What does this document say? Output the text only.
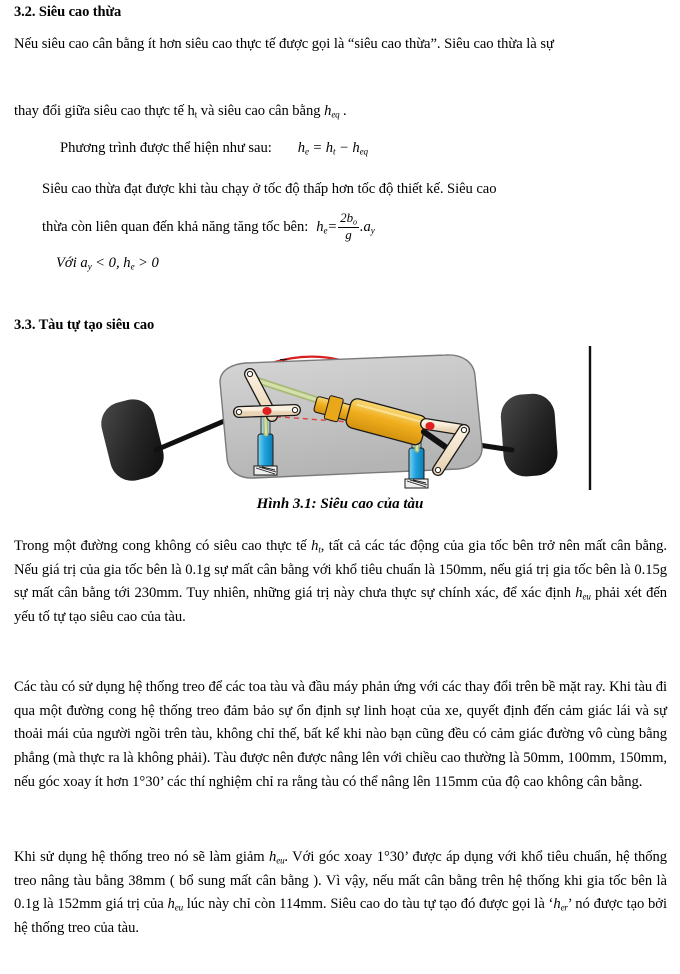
3.2. Siêu cao thừa

Nếu siêu cao cân bằng ít hơn siêu cao thực tế được gọi là “siêu cao thừa”. Siêu cao thừa là sự

thay đổi giữa siêu cao thực tế $h_t$ và siêu cao cân bằng $h_{eq}$ .

Phương trình được thể hiện như sau: $h_e = h_t - h_{eq}$

Siêu cao thừa đạt được khi tàu chạy ở tốc độ thấp hơn tốc độ thiết kế. Siêu cao

thừa còn liên quan đến khả năng tăng tốc bên: $h_e= \frac{2b_o}{g} .a_y$

Với $a_y < 0$, $h_e > 0$

3.3. Tàu tự tạo siêu cao
Hình 3.1: Siêu cao của tàu

Trong một đường cong không có siêu cao thực tế $h_t$, tất cả các tác động của gia tốc bên trở nên mất cân bằng. Nếu giá trị của gia tốc bên là 0.1g sự mất cân bằng với khổ tiêu chuẩn là 150mm, nếu giá trị gia tốc bên là 0.15g sự mất cân bằng tới 230mm. Tuy nhiên, những giá trị này chưa thực sự chính xác, để xác định $h_{eu}$ phải xét đến yếu tố tự tạo siêu cao của tàu.

Các tàu có sử dụng hệ thống treo để các toa tàu và đầu máy phản ứng với các thay đổi trên bề mặt ray. Khi tàu đi qua một đường cong hệ thống treo đảm bảo sự ổn định sự linh hoạt của xe, quyết định đến cảm giác lái và sự thoải mái của người ngồi trên tàu, không chỉ thế, bất kể khi nào bạn cũng đều có cảm giác đường vô cùng bằng phẳng (mà thực ra là không phải). Tàu được nên được nâng lên với chiều cao thường là 50mm, 100mm, 150mm, nếu góc xoay ít hơn 1°30’ các thí nghiệm chỉ ra rằng tàu có thể nâng lên 115mm của độ cao không cân bằng.

Khi sử dụng hệ thống treo nó sẽ làm giảm $h_{eu}$. Với góc xoay 1°30’ được áp dụng với khổ tiêu chuẩn, hệ thống treo nâng tàu bằng 38mm ( bổ sung mất cân bằng ). Vì vậy, nếu mất cân bằng trên hệ thống khi gia tốc bên là 0.1g là 152mm giá trị của $h_{eu}$ lúc này chỉ còn 114mm. Siêu cao do tàu tự tạo đó được gọi là ‘$h_{er}$’ nó được tạo bởi hệ thống treo của tàu.
